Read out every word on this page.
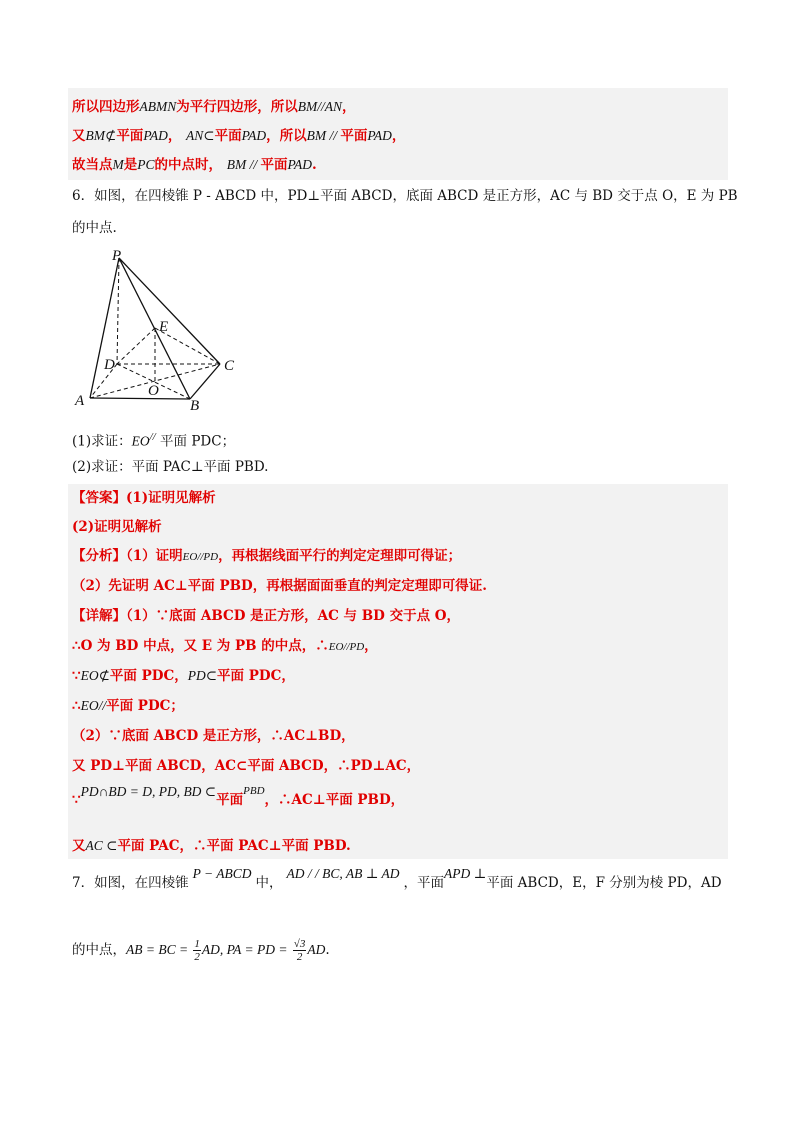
所以四边形ABMN为平行四边形，所以BM//AN，
又BM⊄平面PAD， AN⊂平面PAD，所以BM // 平面PAD，
故当点M是PC的中点时， BM // 平面PAD.
6．如图，在四棱锥 P - ABCD 中，PD⊥平面 ABCD，底面 ABCD 是正方形，AC 与 BD 交于点 O，E 为 PB
的中点.
P
E
D	C
O
A	B
(1)求证：EO// 平面 PDC；
(2)求证：平面 PAC⊥平面 PBD.
【答案】(1)证明见解析
(2)证明见解析
【分析】（1）证明EO//PD，再根据线面平行的判定定理即可得证；
（2）先证明 AC⊥平面 PBD，再根据面面垂直的判定定理即可得证.
【详解】（1）∵底面 ABCD 是正方形，AC 与 BD 交于点 O，
∴O 为 BD 中点，又 E 为 PB 的中点，∴EO//PD，
∵EO⊄平面 PDC，PD⊂平面 PDC，
∴EO//平面 PDC；
（2）∵底面 ABCD 是正方形，∴AC⊥BD，
又 PD⊥平面 ABCD，AC⊂平面 ABCD，∴PD⊥AC，
∵PD∩BD = D, PD, BD ⊂平面$^{PBD}$，∴AC⊥平面 PBD，
又AC ⊂平面 PAC，∴平面 PAC⊥平面 PBD.
7．如图，在四棱锥P − ABCD中，AD / / BC, AB ⊥ AD，平面APD ⊥平面 ABCD，E，F 分别为棱 PD，AD
的中点，AB = BC = $\frac{1}{2}$ AD, PA = PD = $\frac{√3}{2}$ AD.
